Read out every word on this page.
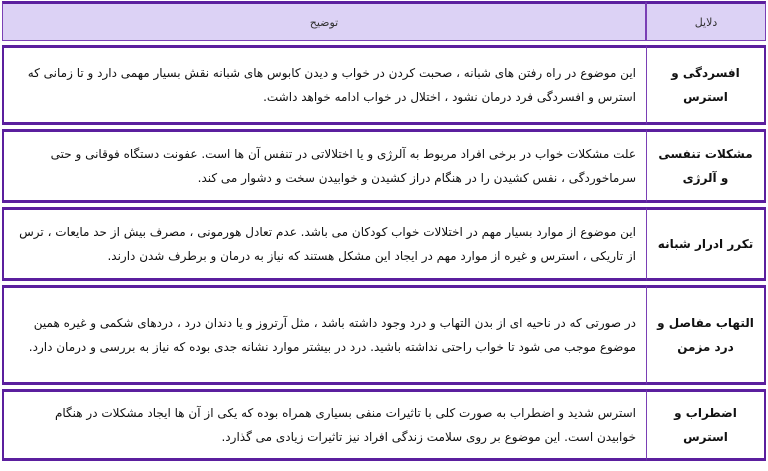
دلایل	توضیح

افسردگی و استرس	این موضوع در راه رفتن های شبانه ، صحبت کردن در خواب و دیدن کابوس های شبانه نقش بسیار مهمی دارد و تا زمانی که استرس و افسردگی فرد درمان نشود ، اختلال در خواب ادامه خواهد داشت.

مشکلات تنفسی و آلرژی	علت مشکلات خواب در برخی افراد مربوط به آلرژی و یا اختلالاتی در تنفس آن ها است. عفونت دستگاه فوقانی و حتی سرماخوردگی ، نفس کشیدن را در هنگام دراز کشیدن و خوابیدن سخت و دشوار می کند.

تکرر ادرار شبانه	این موضوع از موارد بسیار مهم در اختلالات خواب کودکان می باشد. عدم تعادل هورمونی ، مصرف بیش از حد مایعات ، ترس از تاریکی ، استرس و غیره از موارد مهم در ایجاد این مشکل هستند که نیاز به درمان و برطرف شدن دارند.

التهاب مفاصل و درد مزمن	در صورتی که در ناحیه ای از بدن التهاب و درد وجود داشته باشد ، مثل آرتروز و یا دندان درد ، دردهای شکمی و غیره همین موضوع موجب می شود تا خواب راحتی نداشته باشید. درد در بیشتر موارد نشانه جدی بوده که نیاز به بررسی و درمان دارد.

اضطراب و استرس	استرس شدید و اضطراب به صورت کلی با تاثیرات منفی بسیاری همراه بوده که یکی از آن ها ایجاد مشکلات در هنگام خوابیدن است. این موضوع بر روی سلامت زندگی افراد نیز تاثیرات زیادی می گذارد.
